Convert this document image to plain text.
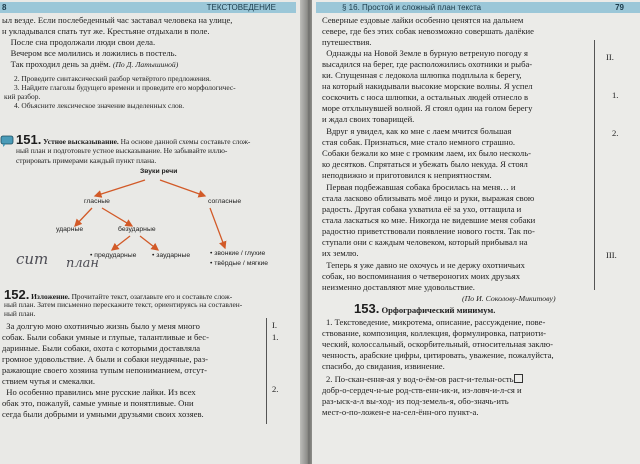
8	ТЕКСТОВЕДЕНИЕ
ыл везде. Если послебеденный час заставал человека на улице,
н укладывался спать тут же. Крестьяне отдыхали в поле.
После сна продолжали люди свои дела.
Вечером все молились и ложились в постель.
Так проходил день за днём. (По Д. Латышиной)
2. Проведите синтаксический разбор четвёртого предложения.
3. Найдите глаголы будущего времени и проведите его морфологичес-
кий разбор.
4. Объясните лексическое значение выделенных слов.
151. Устное высказывание. На основе данной схемы составьте слож-
ный план и подготовьте устное высказывание. Не забывайте иллю-
стрировать примерами каждый пункт плана.
Звуки речи
гласные	согласные
ударные	безударные
• предударные • заударные	• звонкие / глухие
• твёрдые / мягкие
сит план
152. Изложение. Прочитайте текст, озаглавьте его и составьте слож-
ный план. Затем письменно перескажите текст, ориентируясь на составлен-
ный план.
За долгую мою охотничью жизнь было у меня много
собак. Были собаки умные и глупые, талантливые и бес-
даринные. Были собаки, охота с которыми доставляла
громное удовольствие. А были и собаки неудачные, раз-
ражающие своего хозяина тупым непониманием, отсут-
ствием чутья и смекалки.
Но особенно правились мне русские лайки. Из всех
обак это, пожалуй, самые умные и понятливые. Они
сегда были добрыми и умными друзьями своих хозяев.
I.
1.
2.
§ 16. Простой и сложный план текста	79
Северные ездовые лайки особенно ценятся на дальнем
севере, где без этих собак невозможно совершать далёкие
путешествия.
Однажды на Новой Земле в бурную ветреную погоду я
высадился на берег, где расположились охотники и рыбa-
ки. Спущенная с ледокола шлюпка подплыла к берегу,
на который накидывали высокие морские волны. Я успел
соскочить с носа шлюпки, а остальных людей отнесло в
море отхлынувшей волной. Я стоял один на голом берегу
и ждал своих товарищей.
Вдруг я увидел, как ко мне с лаем мчится большая
стая собак. Признаться, мне стало немного страшно.
Собаки бежали ко мне с громким лаем, их было несколь-
ко десятков. Спрятаться и убежать было некуда. Я стоял
неподвижно и приготовился к неприятностям.
Первая подбежавшая собака бросилась на меня… и
стала ласково облизывать моё лицо и руки, выражая свою
радость. Другая собака ухватила её за ухо, оттащила и
стала ласкаться ко мне. Никогда не видевшие меня собаки
радостно приветствовали появление нового гостя. Так по-
ступали они с каждым человеком, который прибывал на
их землю.
Теперь я уже давно не охочусь и не держу охотничьих
собак, но воспоминания о четвероногих моих друзьях
неизменно доставляют мне удовольствие.
(По И. Соколову-Микитову)
II.
1.
2.
III.
153. Орфографический минимум.
1. Текстоведение, микротема, описание, рассуждение, пове-
ствование, композиция, коллекция, формулировка, патриоти-
ческий, колоссальный, оскорбительный, относительная заклю-
ченность, арабские цифры, цитировать, уважение, пожалуйста,
спасибо, до свидания, извинение.
2. По-скан-ення-ая у вод-о-ём-ов раст-и-тельн-ость
добр-о-сердеч-н-ые род-ств-енн-ик-и, из-ловч-и-л-ся и
раз-ыск-а-л вы-ход- из под-земель-я, обо-значь-ить
мест-о-по-ложен-е на-сел-ённ-ого пункт-а.
